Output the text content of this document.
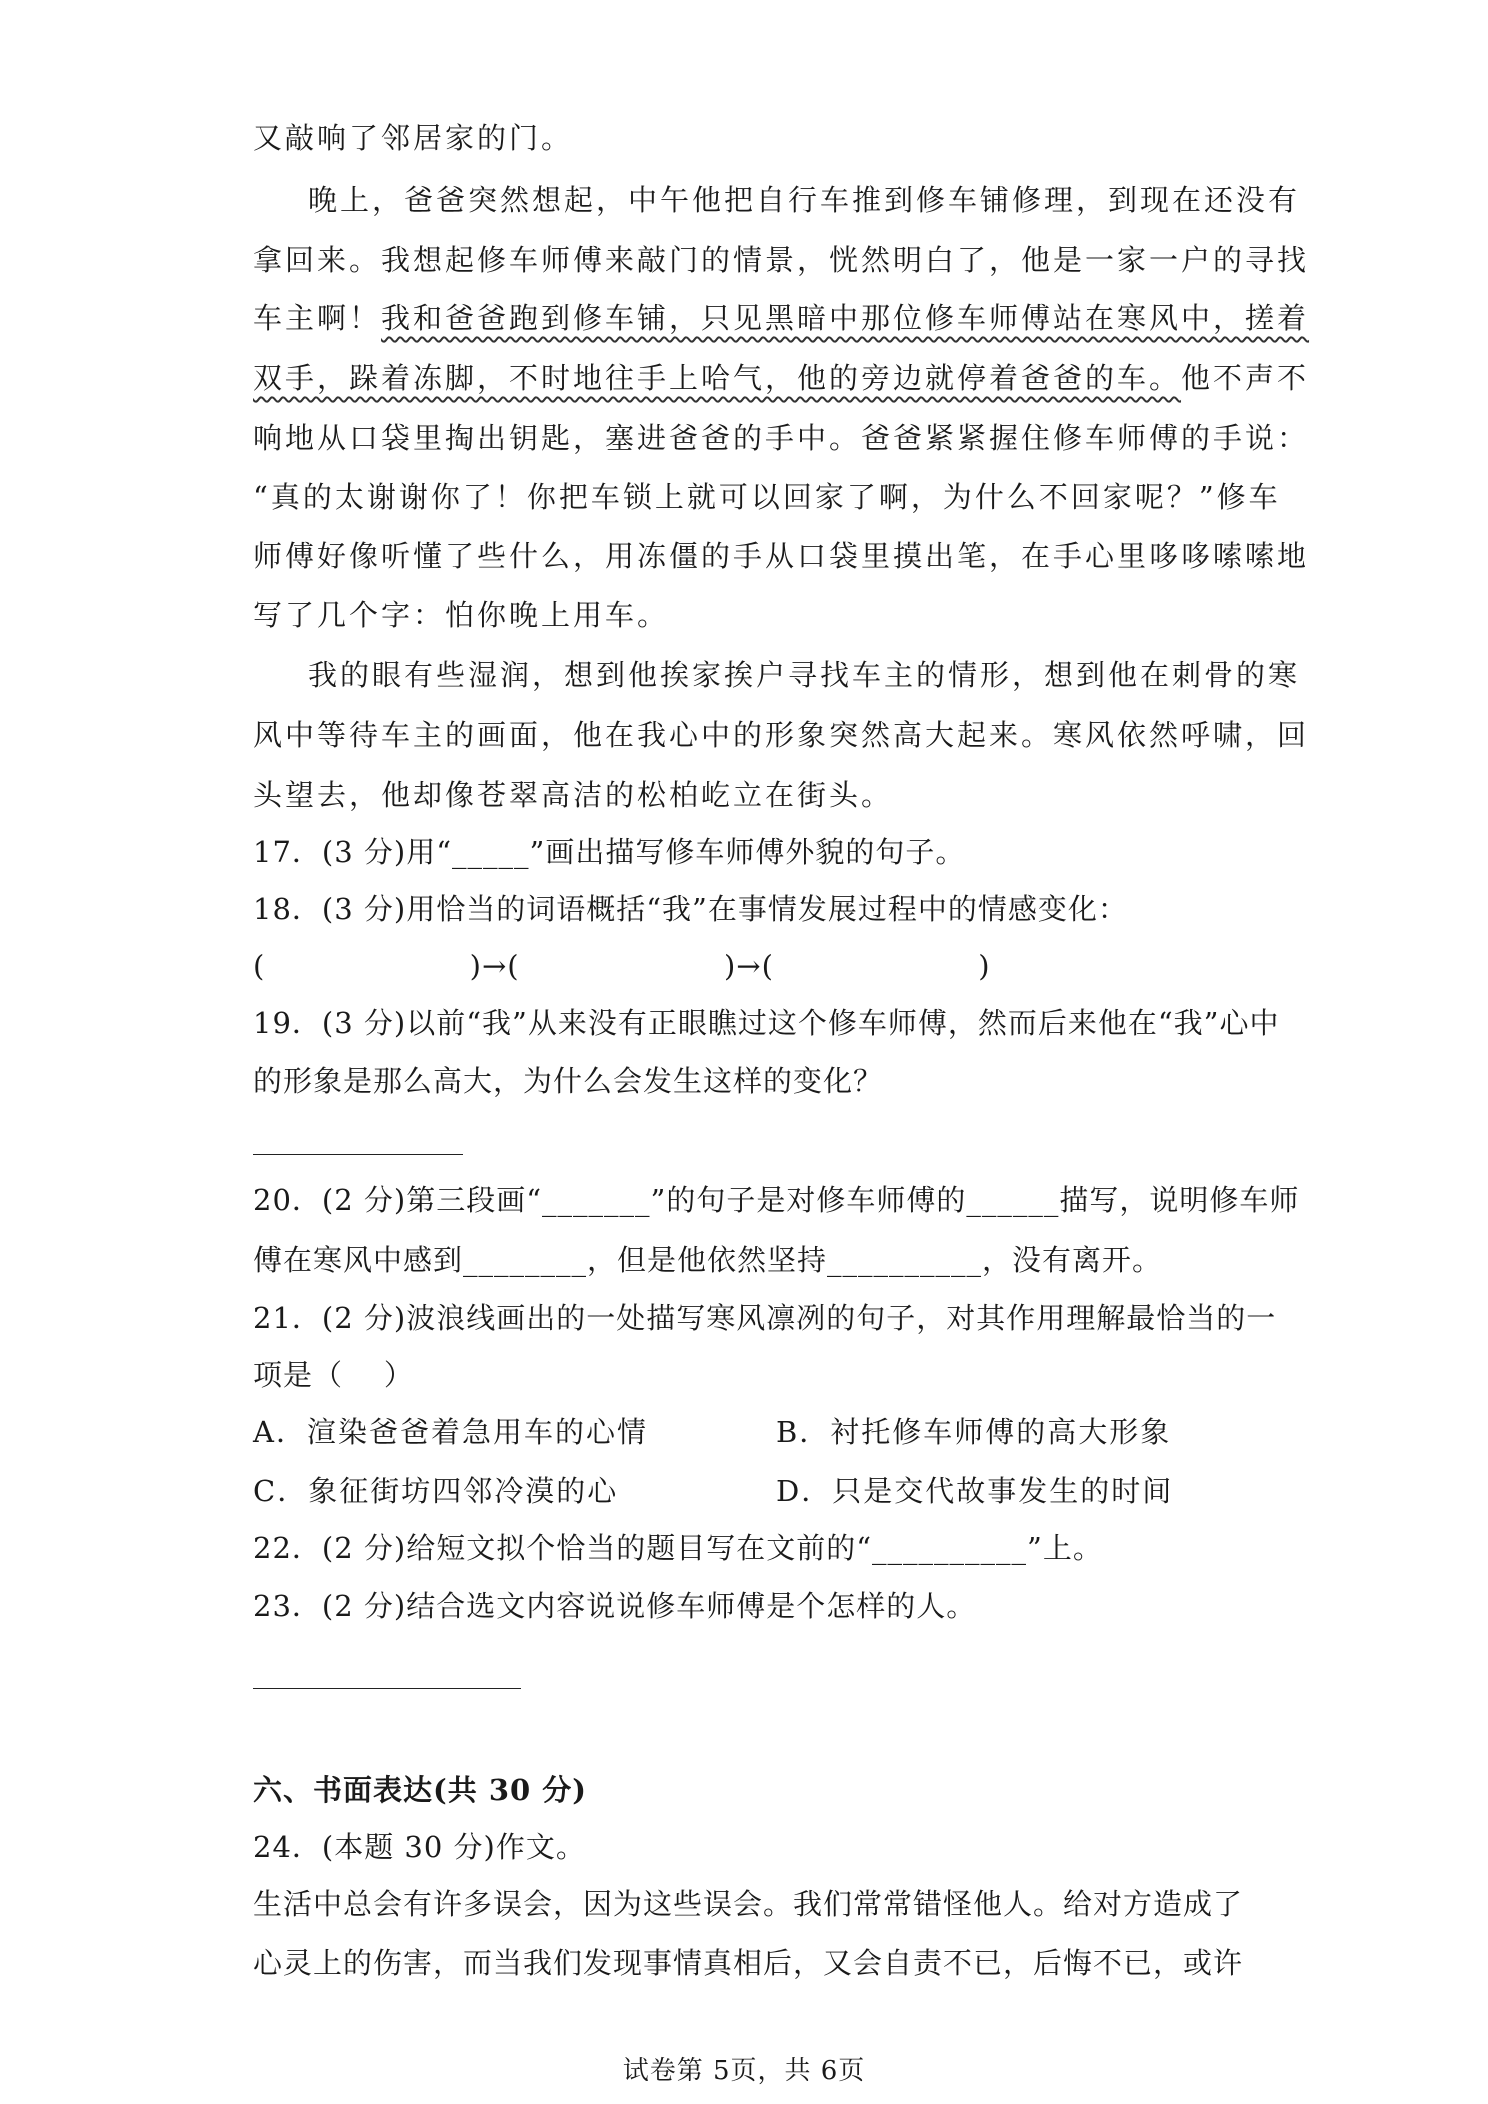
又敲响了邻居家的门。
晚上，爸爸突然想起，中午他把自行车推到修车铺修理，到现在还没有
拿回来。我想起修车师傅来敲门的情景，恍然明白了，他是一家一户的寻找
车主啊！我和爸爸跑到修车铺，只见黑暗中那位修车师傅站在寒风中，搓着
双手，跺着冻脚，不时地往手上哈气，他的旁边就停着爸爸的车。他不声不
响地从口袋里掏出钥匙，塞进爸爸的手中。爸爸紧紧握住修车师傅的手说：
“真的太谢谢你了！你把车锁上就可以回家了啊，为什么不回家呢？”修车
师傅好像听懂了些什么，用冻僵的手从口袋里摸出笔，在手心里哆哆嗦嗦地
写了几个字：怕你晚上用车。
我的眼有些湿润，想到他挨家挨户寻找车主的情形，想到他在刺骨的寒
风中等待车主的画面，他在我心中的形象突然高大起来。寒风依然呼啸，回
头望去，他却像苍翠高洁的松柏屹立在街头。
17．(3 分)用“_____”画出描写修车师傅外貌的句子。
18．(3 分)用恰当的词语概括“我”在事情发展过程中的情感变化：
(                    )→(                    )→(                    )
19．(3 分)以前“我”从来没有正眼瞧过这个修车师傅，然而后来他在“我”心中
的形象是那么高大，为什么会发生这样的变化？
20．(2 分)第三段画“_______”的句子是对修车师傅的______描写，说明修车师
傅在寒风中感到________，但是他依然坚持__________，没有离开。
21．(2 分)波浪线画出的一处描写寒风凛冽的句子，对其作用理解最恰当的一
项是（    ）
A．渲染爸爸着急用车的心情	B．衬托修车师傅的高大形象
C．象征街坊四邻冷漠的心	D．只是交代故事发生的时间
22．(2 分)给短文拟个恰当的题目写在文前的“__________”上。
23．(2 分)结合选文内容说说修车师傅是个怎样的人。
六、书面表达(共 30 分)
24．(本题 30 分)作文。
生活中总会有许多误会，因为这些误会。我们常常错怪他人。给对方造成了
心灵上的伤害，而当我们发现事情真相后，又会自责不已，后悔不已，或许
试卷第 5页，共 6页
